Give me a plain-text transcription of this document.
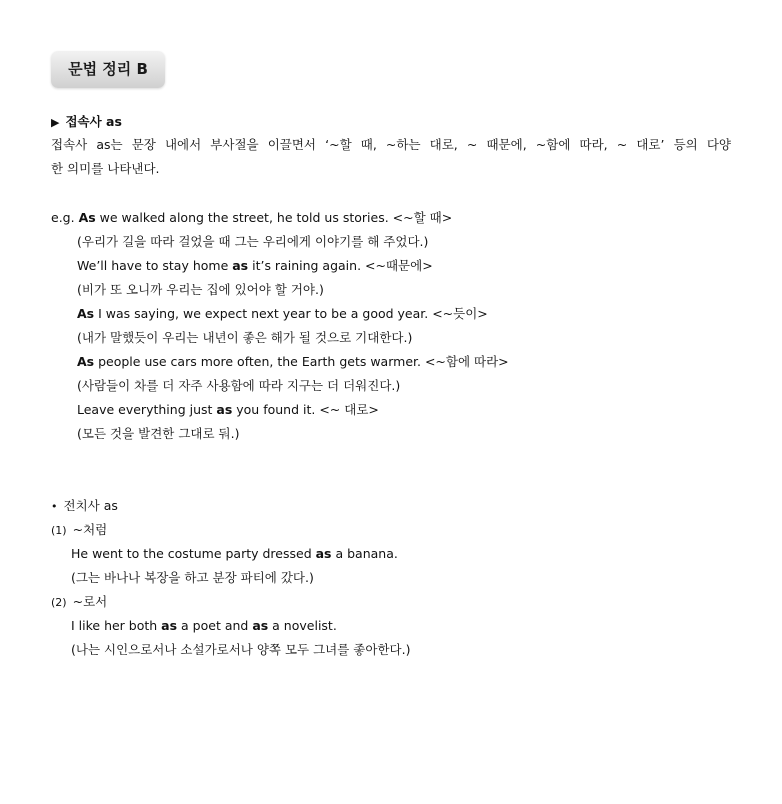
문법 정리 B
▶ 접속사 as
접속사 as는 문장 내에서 부사절을 이끌면서 ‘~할 때, ~하는 대로, ~ 때문에, ~함에 따라, ~ 대로’ 등의 다양
한 의미를 나타낸다.
e.g. As we walked along the street, he told us stories. <~할 때>
(우리가 길을 따라 걸었을 때 그는 우리에게 이야기를 해 주었다.)
We’ll have to stay home as it’s raining again. <~때문에>
(비가 또 오니까 우리는 집에 있어야 할 거야.)
As I was saying, we expect next year to be a good year. <~듯이>
(내가 말했듯이 우리는 내년이 좋은 해가 될 것으로 기대한다.)
As people use cars more often, the Earth gets warmer. <~함에 따라>
(사람들이 차를 더 자주 사용함에 따라 지구는 더 더워진다.)
Leave everything just as you found it. <~ 대로>
(모든 것을 발견한 그대로 둬.)
• 전치사 as
(1) ~처럼
He went to the costume party dressed as a banana.
(그는 바나나 복장을 하고 분장 파티에 갔다.)
(2) ~로서
I like her both as a poet and as a novelist.
(나는 시인으로서나 소설가로서나 양쪽 모두 그녀를 좋아한다.)
